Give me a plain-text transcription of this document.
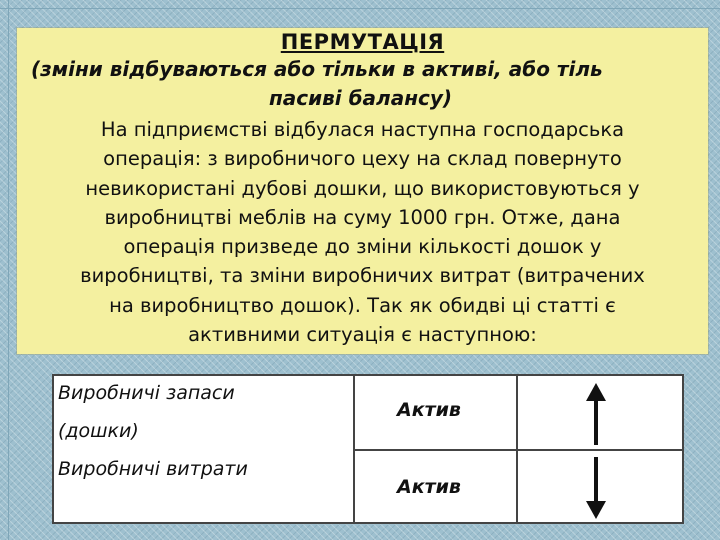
ПЕРМУТАЦІЯ
(зміни відбуваються або тільки в активі, або тіль
пасиві балансу)
На підприємстві відбулася наступна господарська
операція: з виробничого цеху на склад повернуто
невикористані дубові дошки, що використовуються у
виробництві меблів на суму 1000 грн. Отже, дана
операція призведе до зміни кількості дошок у
виробництві, та зміни виробничих витрат (витрачених
на виробництво дошок). Так як обидві ці статті є
активними ситуація є наступною:
Виробничі запаси
(дошки)
Актив
Виробничі витрати
Актив
